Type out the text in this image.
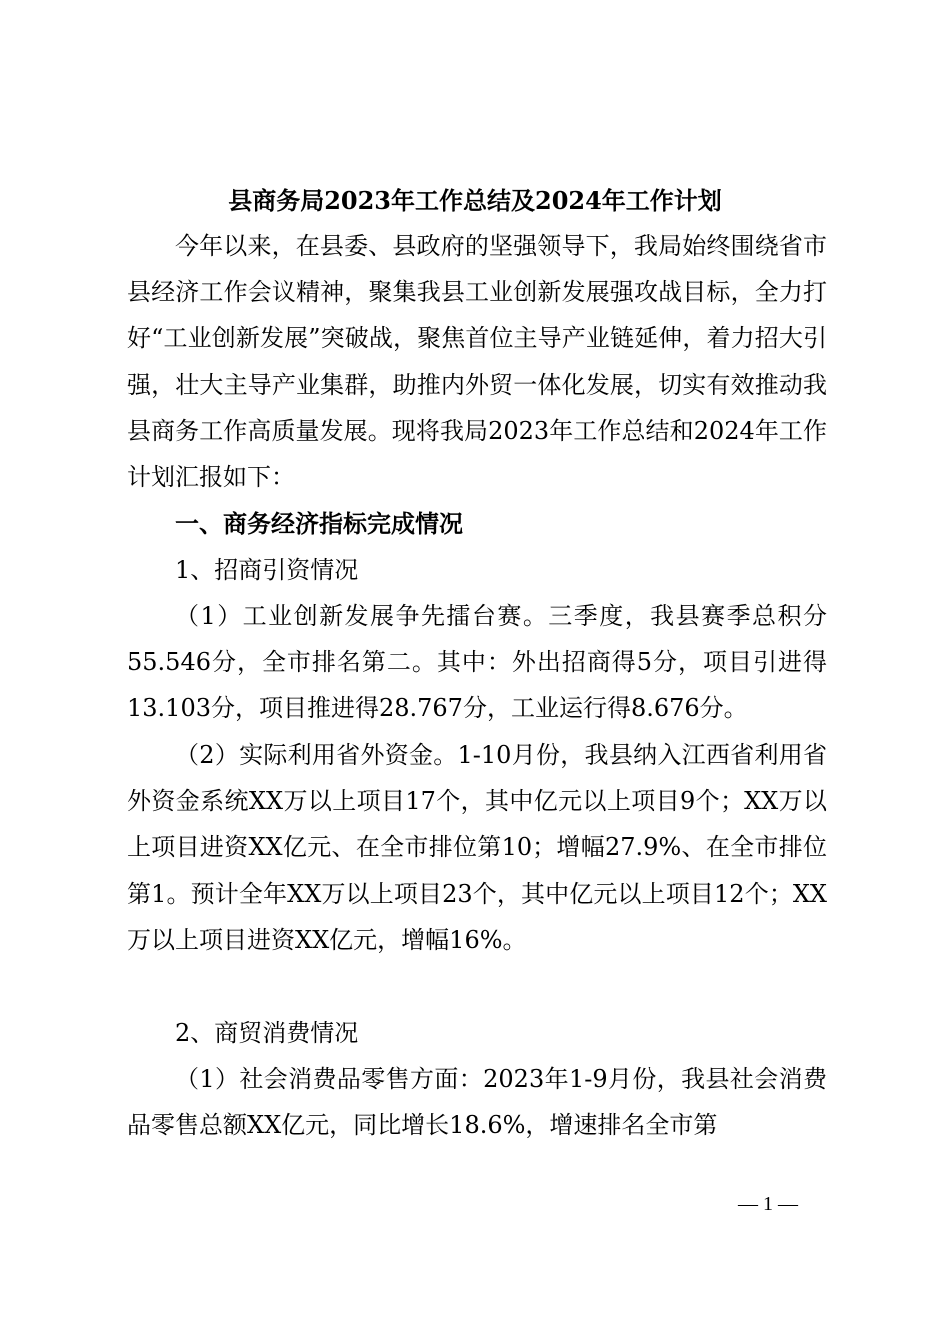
县商务局2023年工作总结及2024年工作计划

今年以来，在县委、县政府的坚强领导下，我局始终围绕省市县经济工作会议精神，聚集我县工业创新发展强攻战目标，全力打好“工业创新发展”突破战，聚焦首位主导产业链延伸，着力招大引强，壮大主导产业集群，助推内外贸一体化发展，切实有效推动我县商务工作高质量发展。现将我局2023年工作总结和2024年工作计划汇报如下：

一、商务经济指标完成情况
1、招商引资情况

（1）工业创新发展争先擂台赛。三季度，我县赛季总积分55.546分，全市排名第二。其中：外出招商得5分，项目引进得13.103分，项目推进得28.767分，工业运行得8.676分。

（2）实际利用省外资金。1-10月份，我县纳入江西省利用省外资金系统XX万以上项目17个，其中亿元以上项目9个；XX万以上项目进资XX亿元、在全市排位第10；增幅27.9%、在全市排位第1。预计全年XX万以上项目23个，其中亿元以上项目12个；XX万以上项目进资XX亿元，增幅16%。

2、商贸消费情况

（1）社会消费品零售方面：2023年1-9月份，我县社会消费品零售总额XX亿元，同比增长18.6%，增速排名全市第

— 1 —
